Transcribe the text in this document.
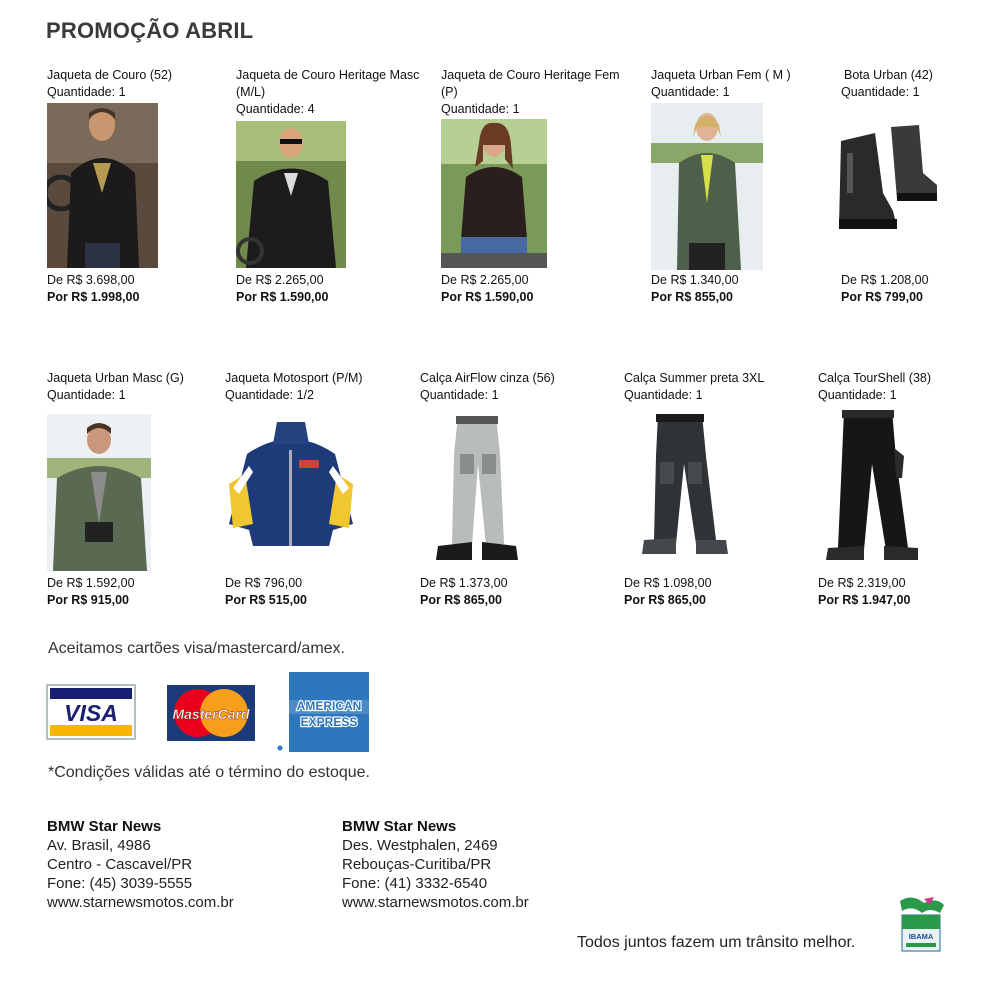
PROMOÇÃO ABRIL
Jaqueta de Couro (52)
Quantidade: 1
De R$ 3.698,00
Por R$ 1.998,00
Jaqueta de Couro Heritage Masc (M/L)
Quantidade: 4
De R$ 2.265,00
Por R$ 1.590,00
Jaqueta de Couro Heritage Fem (P)
Quantidade: 1
De R$ 2.265,00
Por R$ 1.590,00
Jaqueta Urban Fem ( M )
Quantidade: 1
De R$ 1.340,00
Por R$ 855,00
Bota Urban (42)
Quantidade: 1
De R$ 1.208,00
Por R$ 799,00
Jaqueta Urban Masc (G)
Quantidade: 1
De R$ 1.592,00
Por R$ 915,00
Jaqueta Motosport (P/M)
Quantidade: 1/2
De R$ 796,00
Por R$ 515,00
Calça AirFlow cinza (56)
Quantidade: 1
De R$ 1.373,00
Por R$ 865,00
Calça Summer preta 3XL
Quantidade: 1
De R$ 1.098,00
Por R$ 865,00
Calça TourShell (38)
Quantidade: 1
De R$ 2.319,00
Por R$ 1.947,00
Aceitamos cartões visa/mastercard/amex.
VISA	MasterCard	AMERICAN
EXPRESS
*Condições válidas até o término do estoque.
BMW Star News
Av. Brasil, 4986
Centro - Cascavel/PR
Fone: (45) 3039-5555
www.starnewsmotos.com.br
BMW Star News
Des. Westphalen, 2469
Rebouças-Curitiba/PR
Fone: (41) 3332-6540
www.starnewsmotos.com.br
Todos juntos fazem um trânsito melhor.	IBAMA
